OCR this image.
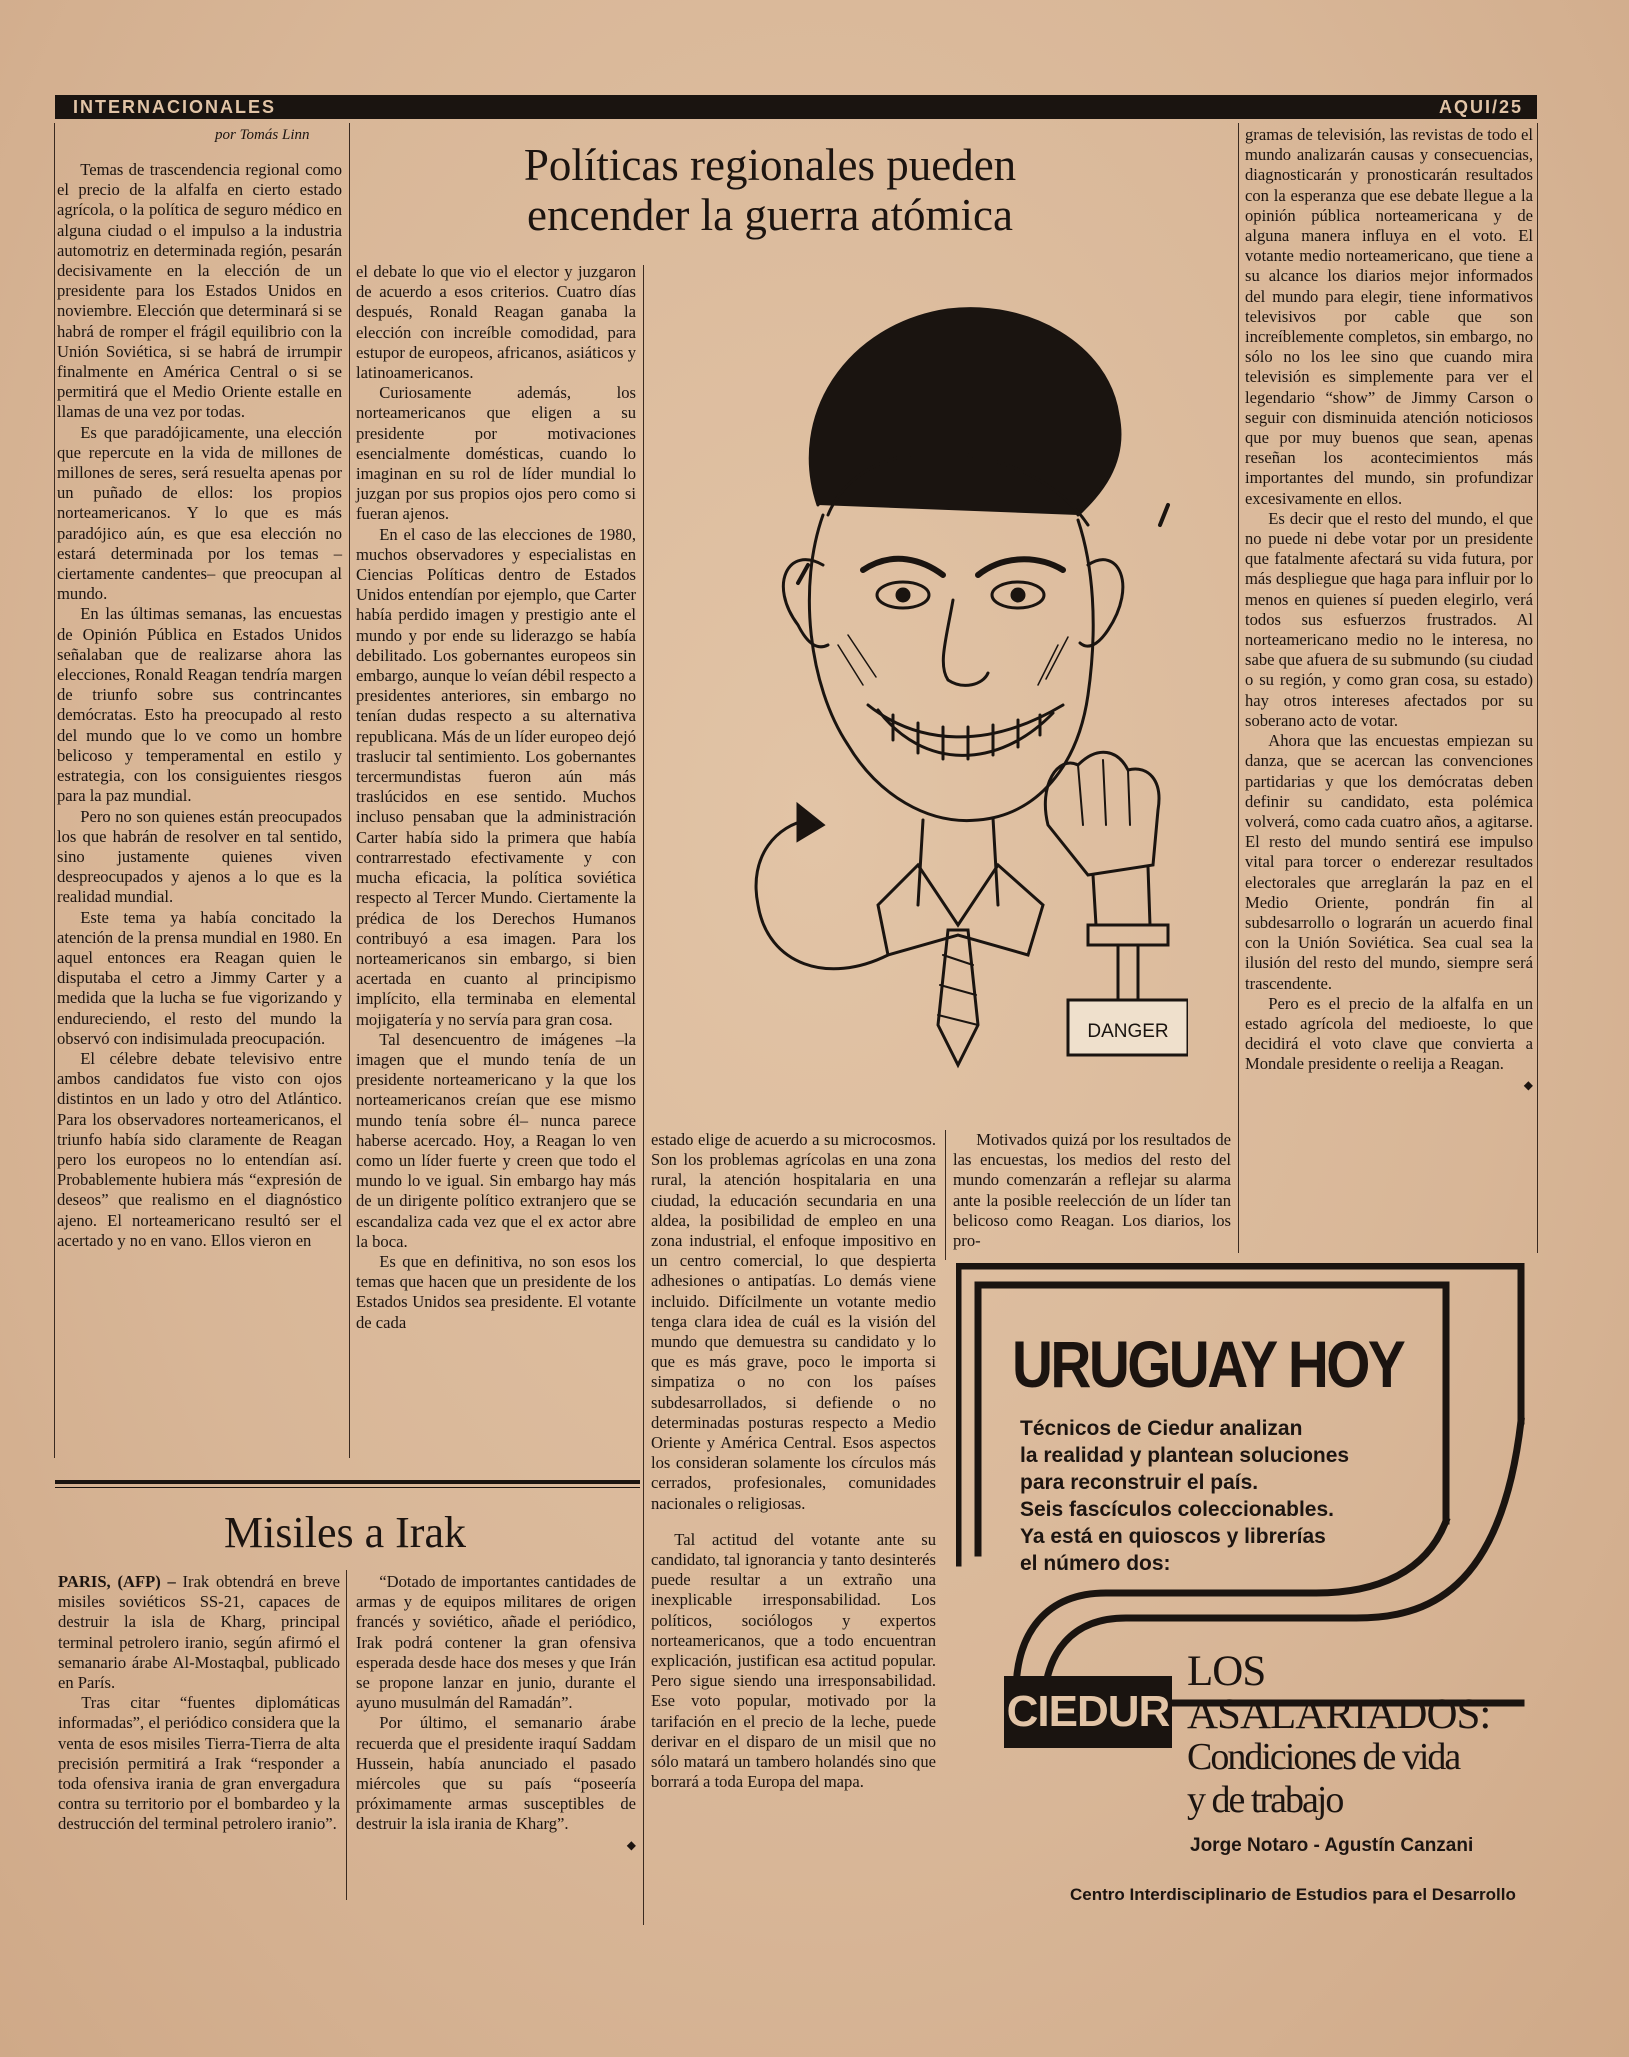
INTERNACIONALES	AQUI/25
por Tomás Linn
Políticas regionales pueden
encender la guerra atómica

Temas de trascendencia regional como el precio de la alfalfa en cierto estado agrícola, o la política de seguro médico en alguna ciudad o el impulso a la industria automotriz en determinada región, pesarán decisivamente en la elección de un presidente para los Estados Unidos en noviembre. Elección que determinará si se habrá de romper el frágil equilibrio con la Unión Soviética, si se habrá de irrumpir finalmente en América Central o si se permitirá que el Medio Oriente estalle en llamas de una vez por todas.

Es que paradójicamente, una elección que repercute en la vida de millones de millones de seres, será resuelta apenas por un puñado de ellos: los propios norteamericanos. Y lo que es más paradójico aún, es que esa elección no estará determinada por los temas –ciertamente candentes– que preocupan al mundo.

En las últimas semanas, las encuestas de Opinión Pública en Estados Unidos señalaban que de realizarse ahora las elecciones, Ronald Reagan tendría margen de triunfo sobre sus contrincantes demócratas. Esto ha preocupado al resto del mundo que lo ve como un hombre belicoso y temperamental en estilo y estrategia, con los consiguientes riesgos para la paz mundial.

Pero no son quienes están preocupados los que habrán de resolver en tal sentido, sino justamente quienes viven despreocupados y ajenos a lo que es la realidad mundial.

Este tema ya había concitado la atención de la prensa mundial en 1980. En aquel entonces era Reagan quien le disputaba el cetro a Jimmy Carter y a medida que la lucha se fue vigorizando y endureciendo, el resto del mundo la observó con indisimulada preocupación.

El célebre debate televisivo entre ambos candidatos fue visto con ojos distintos en un lado y otro del Atlántico. Para los observadores norteamericanos, el triunfo había sido claramente de Reagan pero los europeos no lo entendían así. Probablemente hubiera más “expresión de deseos” que realismo en el diagnóstico ajeno. El norteamericano resultó ser el acertado y no en vano. Ellos vieron en

el debate lo que vio el elector y juzgaron de acuerdo a esos criterios. Cuatro días después, Ronald Reagan ganaba la elección con increíble comodidad, para estupor de europeos, africanos, asiáticos y latinoamericanos.

Curiosamente además, los norteamericanos que eligen a su presidente por motivaciones esencialmente domésticas, cuando lo imaginan en su rol de líder mundial lo juzgan por sus propios ojos pero como si fueran ajenos.

En el caso de las elecciones de 1980, muchos observadores y especialistas en Ciencias Políticas dentro de Estados Unidos entendían por ejemplo, que Carter había perdido imagen y prestigio ante el mundo y por ende su liderazgo se había debilitado. Los gobernantes europeos sin embargo, aunque lo veían débil respecto a presidentes anteriores, sin embargo no tenían dudas respecto a su alternativa republicana. Más de un líder europeo dejó traslucir tal sentimiento. Los gobernantes tercermundistas fueron aún más traslúcidos en ese sentido. Muchos incluso pensaban que la administración Carter había sido la primera que había contrarrestado efectivamente y con mucha eficacia, la política soviética respecto al Tercer Mundo. Ciertamente la prédica de los Derechos Humanos contribuyó a esa imagen. Para los norteamericanos sin embargo, si bien acertada en cuanto al principismo implícito, ella terminaba en elemental mojigatería y no servía para gran cosa.

Tal desencuentro de imágenes –la imagen que el mundo tenía de un presidente norteamericano y la que los norteamericanos creían que ese mismo mundo tenía sobre él– nunca parece haberse acercado. Hoy, a Reagan lo ven como un líder fuerte y creen que todo el mundo lo ve igual. Sin embargo hay más de un dirigente político extranjero que se escandaliza cada vez que el ex actor abre la boca.

Es que en definitiva, no son esos los temas que hacen que un presidente de los Estados Unidos sea presidente. El votante de cada

DANGER

estado elige de acuerdo a su microcosmos. Son los problemas agrícolas en una zona rural, la atención hospitalaria en una ciudad, la educación secundaria en una aldea, la posibilidad de empleo en una zona industrial, el enfoque impositivo en un centro comercial, lo que despierta adhesiones o antipatías. Lo demás viene incluido. Difícilmente un votante medio tenga clara idea de cuál es la visión del mundo que demuestra su candidato y lo que es más grave, poco le importa si simpatiza o no con los países subdesarrollados, si defiende o no determinadas posturas respecto a Medio Oriente y América Central. Esos aspectos los consideran solamente los círculos más cerrados, profesionales, comunidades nacionales o religiosas.

Tal actitud del votante ante su candidato, tal ignorancia y tanto desinterés puede resultar a un extraño una inexplicable irresponsabilidad. Los políticos, sociólogos y expertos norteamericanos, que a todo encuentran explicación, justifican esa actitud popular. Pero sigue siendo una irresponsabilidad. Ese voto popular, motivado por la tarifación en el precio de la leche, puede derivar en el disparo de un misil que no sólo matará un tambero holandés sino que borrará a toda Europa del mapa.

Motivados quizá por los resultados de las encuestas, los medios del resto del mundo comenzarán a reflejar su alarma ante la posible reelección de un líder tan belicoso como Reagan. Los diarios, los pro-

gramas de televisión, las revistas de todo el mundo analizarán causas y consecuencias, diagnosticarán y pronosticarán resultados con la esperanza que ese debate llegue a la opinión pública norteamericana y de alguna manera influya en el voto. El votante medio norteamericano, que tiene a su alcance los diarios mejor informados del mundo para elegir, tiene informativos televisivos por cable que son increíblemente completos, sin embargo, no sólo no los lee sino que cuando mira televisión es simplemente para ver el legendario “show” de Jimmy Carson o seguir con disminuida atención noticiosos que por muy buenos que sean, apenas reseñan los acontecimientos más importantes del mundo, sin profundizar excesivamente en ellos.

Es decir que el resto del mundo, el que no puede ni debe votar por un presidente que fatalmente afectará su vida futura, por más despliegue que haga para influir por lo menos en quienes sí pueden elegirlo, verá todos sus esfuerzos frustrados. Al norteamericano medio no le interesa, no sabe que afuera de su submundo (su ciudad o su región, y como gran cosa, su estado) hay otros intereses afectados por su soberano acto de votar.

Ahora que las encuestas empiezan su danza, que se acercan las convenciones partidarias y que los demócratas deben definir su candidato, esta polémica volverá, como cada cuatro años, a agitarse. El resto del mundo sentirá ese impulso vital para torcer o enderezar resultados electorales que arreglarán la paz en el Medio Oriente, pondrán fin al subdesarrollo o lograrán un acuerdo final con la Unión Soviética. Sea cual sea la ilusión del resto del mundo, siempre será trascendente.

Pero es el precio de la alfalfa en un estado agrícola del medioeste, lo que decidirá el voto clave que convierta a Mondale presidente o reelija a Reagan.

◆
Misiles a Irak

PARIS, (AFP) – Irak obtendrá en breve misiles soviéticos SS-21, capaces de destruir la isla de Kharg, principal terminal petrolero iranio, según afirmó el semanario árabe Al-Mostaqbal, publicado en París.

Tras citar “fuentes diplomáticas informadas”, el periódico considera que la venta de esos misiles Tierra-Tierra de alta precisión permitirá a Irak “responder a toda ofensiva irania de gran envergadura contra su territorio por el bombardeo y la destrucción del terminal petrolero iranio”.

“Dotado de importantes cantidades de armas y de equipos militares de origen francés y soviético, añade el periódico, Irak podrá contener la gran ofensiva esperada desde hace dos meses y que Irán se propone lanzar en junio, durante el ayuno musulmán del Ramadán”.

Por último, el semanario árabe recuerda que el presidente iraquí Saddam Hussein, había anunciado el pasado miércoles que su país “poseería próximamente armas susceptibles de destruir la isla irania de Kharg”.

◆
URUGUAY HOY
Técnicos de Ciedur analizan
la realidad y plantean soluciones
para reconstruir el país.
Seis fascículos coleccionables.
Ya está en quioscos y librerías
el número dos:
CIEDUR
LOS
ASALARIADOS:
Condiciones de vida
y de trabajo
Jorge Notaro - Agustín Canzani
Centro Interdisciplinario de Estudios para el Desarrollo
